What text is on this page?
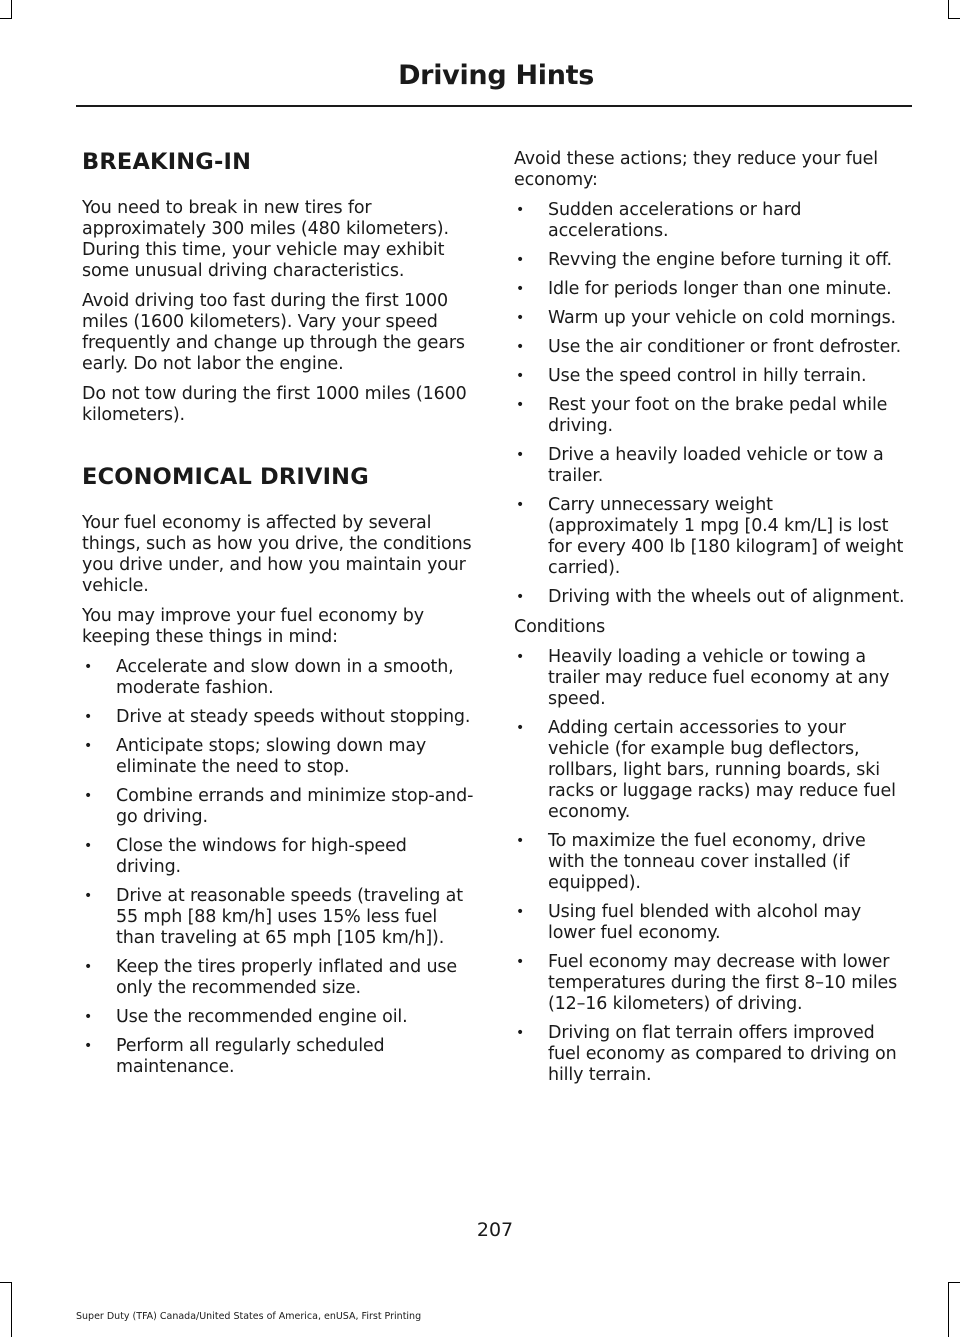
Driving Hints
BREAKING-IN

You need to break in new tires for approximately 300 miles (480 kilometers). During this time, your vehicle may exhibit some unusual driving characteristics.

Avoid driving too fast during the first 1000 miles (1600 kilometers). Vary your speed frequently and change up through the gears early. Do not labor the engine.

Do not tow during the first 1000 miles (1600 kilometers).

ECONOMICAL DRIVING

Your fuel economy is affected by several things, such as how you drive, the conditions you drive under, and how you maintain your vehicle.

You may improve your fuel economy by keeping these things in mind:

• Accelerate and slow down in a smooth, moderate fashion.
• Drive at steady speeds without stopping.
• Anticipate stops; slowing down may eliminate the need to stop.
• Combine errands and minimize stop-and-go driving.
• Close the windows for high-speed driving.
• Drive at reasonable speeds (traveling at 55 mph [88 km/h] uses 15% less fuel than traveling at 65 mph [105 km/h]).
• Keep the tires properly inflated and use only the recommended size.
• Use the recommended engine oil.
• Perform all regularly scheduled maintenance.

Avoid these actions; they reduce your fuel economy:

• Sudden accelerations or hard accelerations.
• Revving the engine before turning it off.
• Idle for periods longer than one minute.
• Warm up your vehicle on cold mornings.
• Use the air conditioner or front defroster.
• Use the speed control in hilly terrain.
• Rest your foot on the brake pedal while driving.
• Drive a heavily loaded vehicle or tow a trailer.
• Carry unnecessary weight (approximately 1 mpg [0.4 km/L] is lost for every 400 lb [180 kilogram] of weight carried).
• Driving with the wheels out of alignment.

Conditions

• Heavily loading a vehicle or towing a trailer may reduce fuel economy at any speed.
• Adding certain accessories to your vehicle (for example bug deflectors, rollbars, light bars, running boards, ski racks or luggage racks) may reduce fuel economy.
• To maximize the fuel economy, drive with the tonneau cover installed (if equipped).
• Using fuel blended with alcohol may lower fuel economy.
• Fuel economy may decrease with lower temperatures during the first 8–10 miles (12–16 kilometers) of driving.
• Driving on flat terrain offers improved fuel economy as compared to driving on hilly terrain.
207
Super Duty (TFA) Canada/United States of America, enUSA, First Printing
